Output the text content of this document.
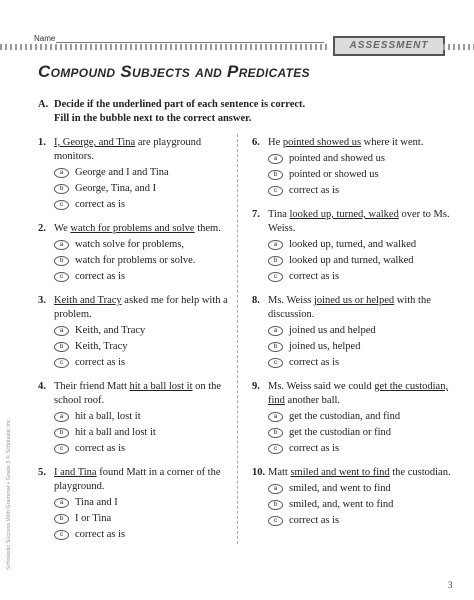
Name
ASSESSMENT
Compound Subjects and Predicates
A. Decide if the underlined part of each sentence is correct.
Fill in the bubble next to the correct answer.
1. I, George, and Tina are playground monitors.
a	George and I and Tina
b	George, Tina, and I
c	correct as is
2. We watch for problems and solve them.
a	watch solve for problems,
b	watch for problems or solve.
c	correct as is
3. Keith and Tracy asked me for help with a problem.
a	Keith, and Tracy
b	Keith, Tracy
c	correct as is
4. Their friend Matt hit a ball lost it on the school roof.
a	hit a ball, lost it
b	hit a ball and lost it
c	correct as is
5. I and Tina found Matt in a corner of the playground.
a	Tina and I
b	I or Tina
c	correct as is
6. He pointed showed us where it went.
a	pointed and showed us
b	pointed or showed us
c	correct as is
7. Tina looked up, turned, walked over to Ms. Weiss.
a	looked up, turned, and walked
b	looked up and turned, walked
c	correct as is
8. Ms. Weiss joined us or helped with the discussion.
a	joined us and helped
b	joined us, helped
c	correct as is
9. Ms. Weiss said we could get the custodian, find another ball.
a	get the custodian, and find
b	get the custodian or find
c	correct as is
10. Matt smiled and went to find the custodian.
a	smiled, and went to find
b	smiled, and, went to find
c	correct as is
Scholastic Success With Grammar • Grade 5 © Scholastic Inc.
3
